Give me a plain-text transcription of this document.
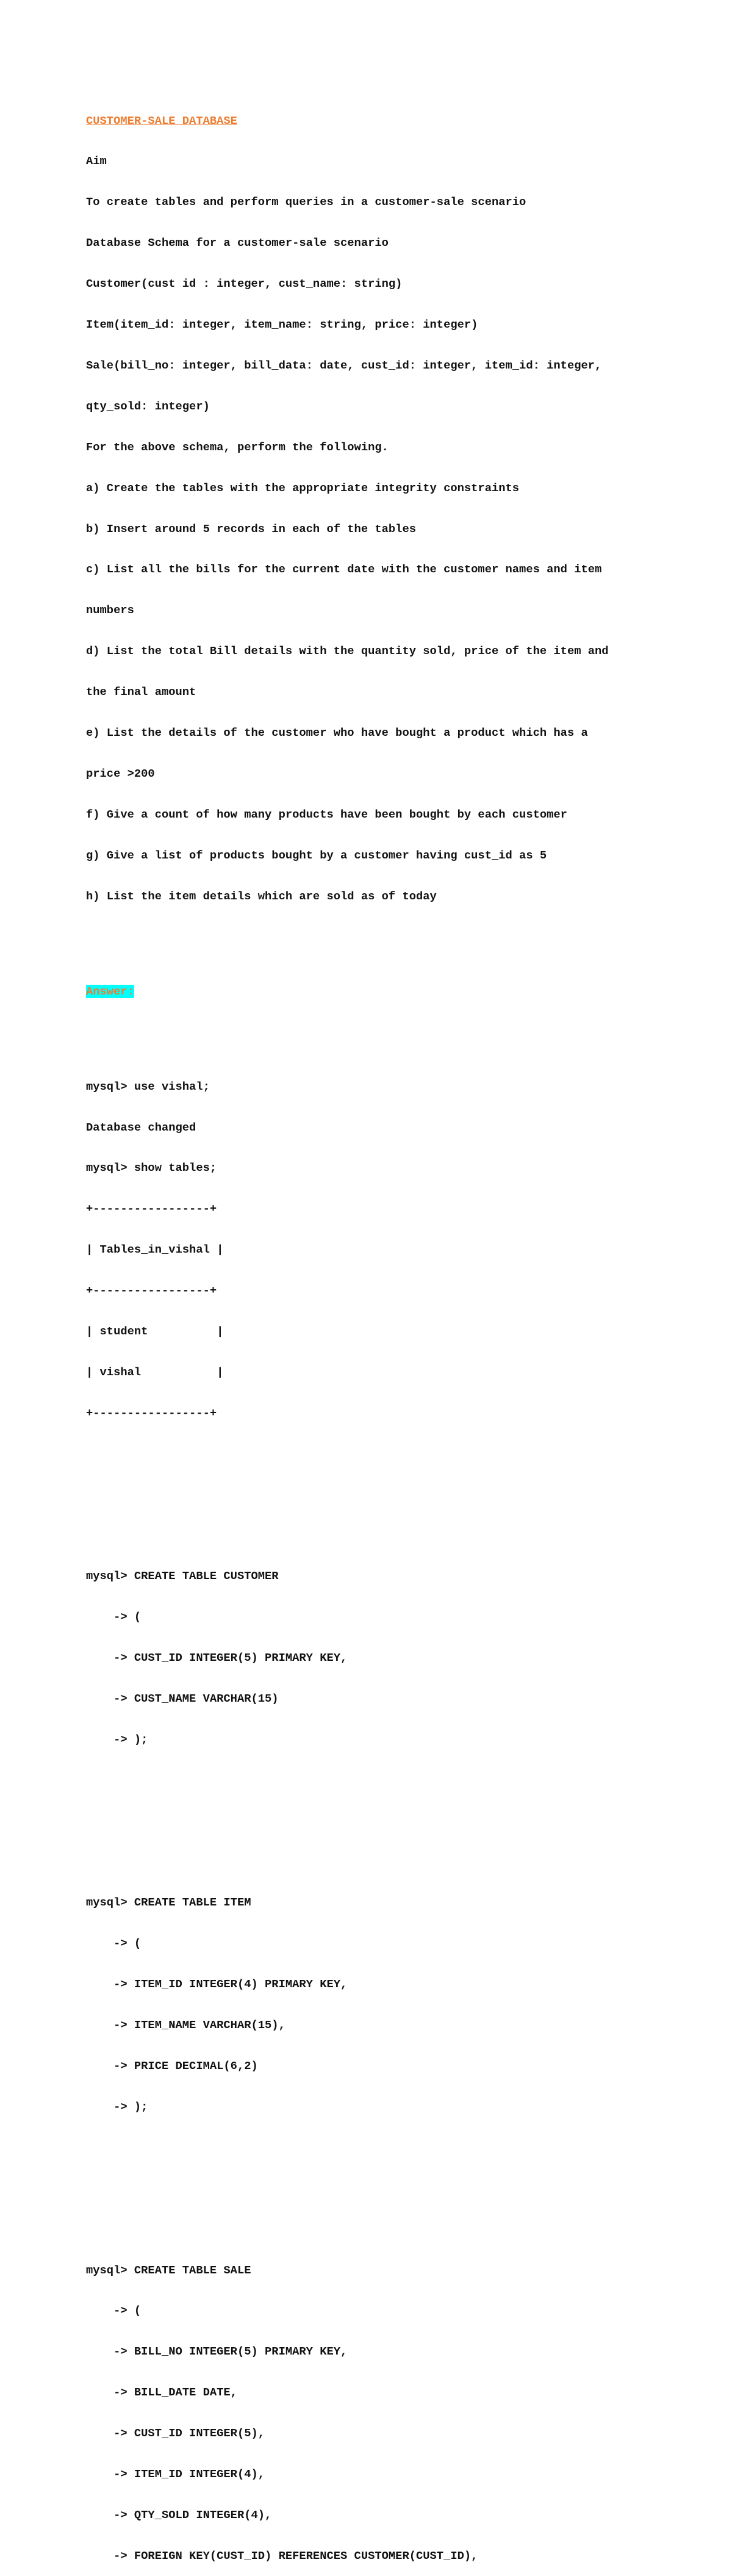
CUSTOMER-SALE DATABASE

Aim

To create tables and perform queries in a customer-sale scenario

Database Schema for a customer-sale scenario

Customer(cust id : integer, cust_name: string)

Item(item_id: integer, item_name: string, price: integer)

Sale(bill_no: integer, bill_data: date, cust_id: integer, item_id: integer,

qty_sold: integer)

For the above schema, perform the following.

a) Create the tables with the appropriate integrity constraints

b) Insert around 5 records in each of the tables

c) List all the bills for the current date with the customer names and item

numbers

d) List the total Bill details with the quantity sold, price of the item and

the final amount

e) List the details of the customer who have bought a product which has a

price >200

f) Give a count of how many products have been bought by each customer

g) Give a list of products bought by a customer having cust_id as 5

h) List the item details which are sold as of today

Answer:

mysql> use vishal;

Database changed

mysql> show tables;

+-----------------+

| Tables_in_vishal |

+-----------------+

| student          |

| vishal           |

+-----------------+

mysql> CREATE TABLE CUSTOMER

-> (

-> CUST_ID INTEGER(5) PRIMARY KEY,

-> CUST_NAME VARCHAR(15)

-> );

mysql> CREATE TABLE ITEM

-> (

-> ITEM_ID INTEGER(4) PRIMARY KEY,

-> ITEM_NAME VARCHAR(15),

-> PRICE DECIMAL(6,2)

-> );

mysql> CREATE TABLE SALE

-> (

-> BILL_NO INTEGER(5) PRIMARY KEY,

-> BILL_DATE DATE,

-> CUST_ID INTEGER(5),

-> ITEM_ID INTEGER(4),

-> QTY_SOLD INTEGER(4),

-> FOREIGN KEY(CUST_ID) REFERENCES CUSTOMER(CUST_ID),
